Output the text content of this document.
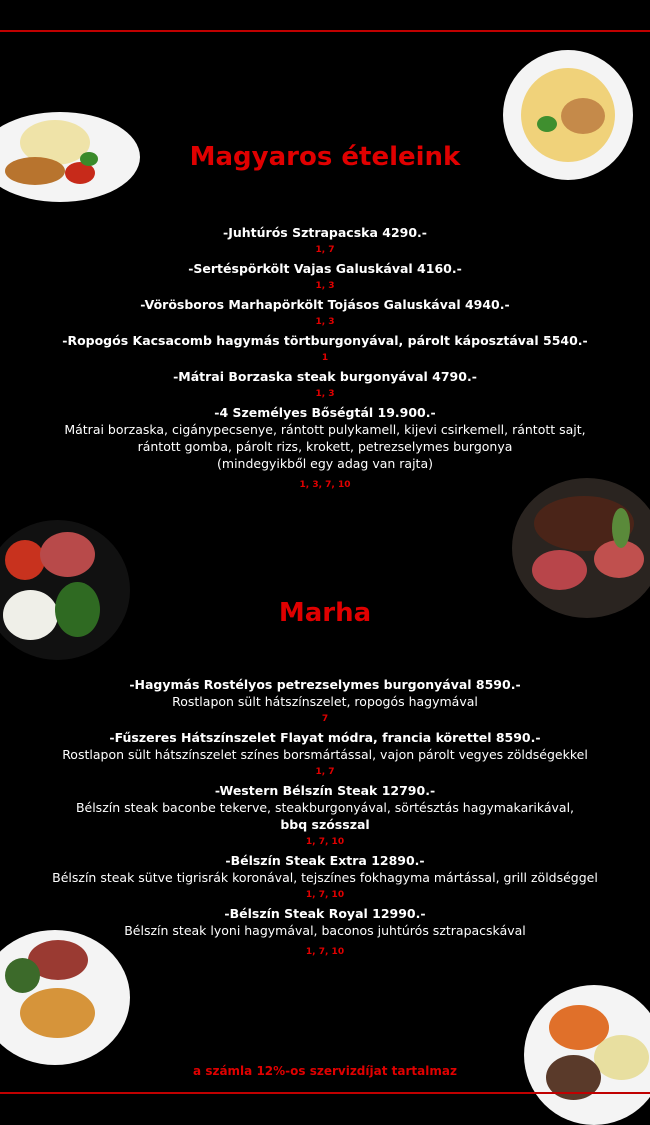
Magyaros ételeink
-Juhtúrós Sztrapacska 4290.-
1, 7
-Sertéspörkölt Vajas Galuskával 4160.-
1, 3
-Vörösboros Marhapörkölt Tojásos Galuskával 4940.-
1, 3
-Ropogós Kacsacomb hagymás törtburgonyával, párolt káposztával 5540.-
1
-Mátrai Borzaska steak burgonyával 4790.-
1, 3
-4 Személyes Bőségtál 19.900.-
Mátrai borzaska, cigánypecsenye, rántott pulykamell, kijevi csirkemell, rántott sajt,
rántott gomba, párolt rizs, krokett, petrezselymes burgonya
(mindegyikből egy adag van rajta)
1, 3, 7, 10
Marha
-Hagymás Rostélyos petrezselymes burgonyával 8590.-
Rostlapon sült hátszínszelet, ropogós hagymával
7
-Fűszeres Hátszínszelet Flayat módra, francia körettel 8590.-
Rostlapon sült hátszínszelet színes borsmártással, vajon párolt vegyes zöldségekkel
1, 7
-Western Bélszín Steak 12790.-
Bélszín steak baconbe tekerve, steakburgonyával, sörtésztás hagymakarikával,
bbq szósszal
1, 7, 10
-Bélszín Steak Extra 12890.-
Bélszín steak sütve tigrisrák koronával, tejszínes fokhagyma mártással, grill zöldséggel
1, 7, 10
-Bélszín Steak Royal 12990.-
Bélszín steak lyoni hagymával, baconos juhtúrós sztrapacskával
1, 7, 10
a számla 12%-os szervizdíjat tartalmaz
